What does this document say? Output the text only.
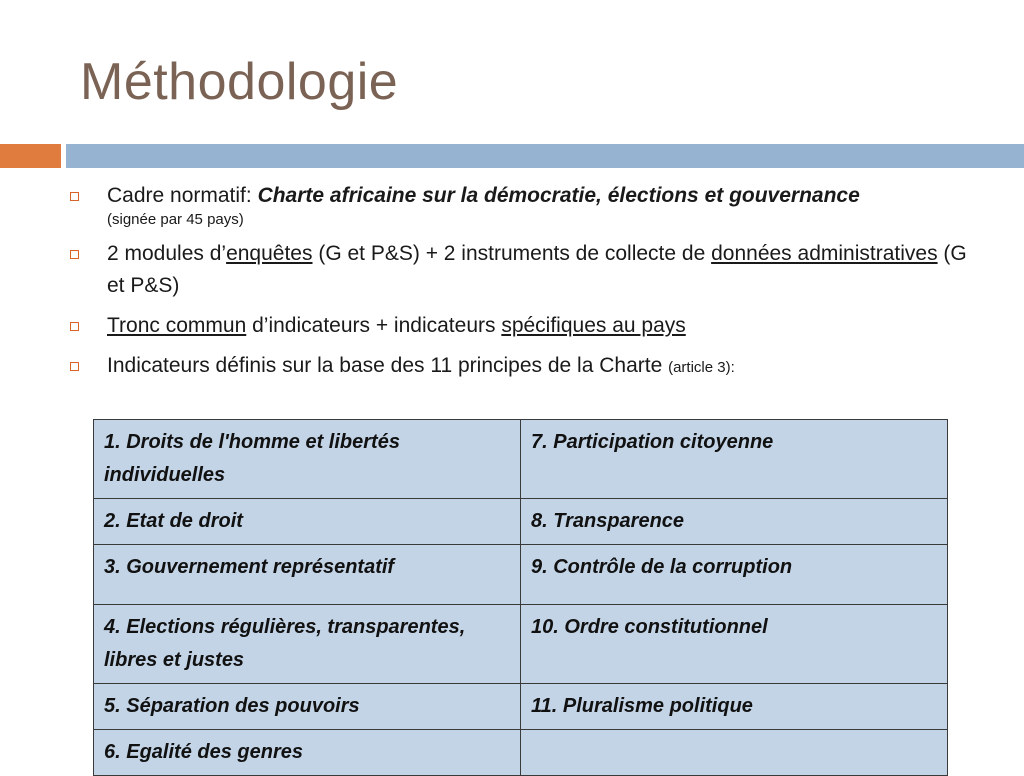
Méthodologie
Cadre normatif: Charte africaine sur la démocratie, élections et gouvernance
(signée par 45 pays)
2 modules d’enquêtes (G et P&S) + 2 instruments de collecte de données administratives (G et P&S)
Tronc commun d’indicateurs + indicateurs spécifiques au pays
Indicateurs définis sur la base des 11 principes de la Charte (article 3):
1. Droits de l'homme et libertés individuelles	7. Participation citoyenne
2. Etat de droit	8. Transparence
3. Gouvernement représentatif	9. Contrôle de la corruption
4. Elections régulières, transparentes, libres et justes	10. Ordre constitutionnel
5. Séparation des pouvoirs	11. Pluralisme politique
6. Egalité des genres	
